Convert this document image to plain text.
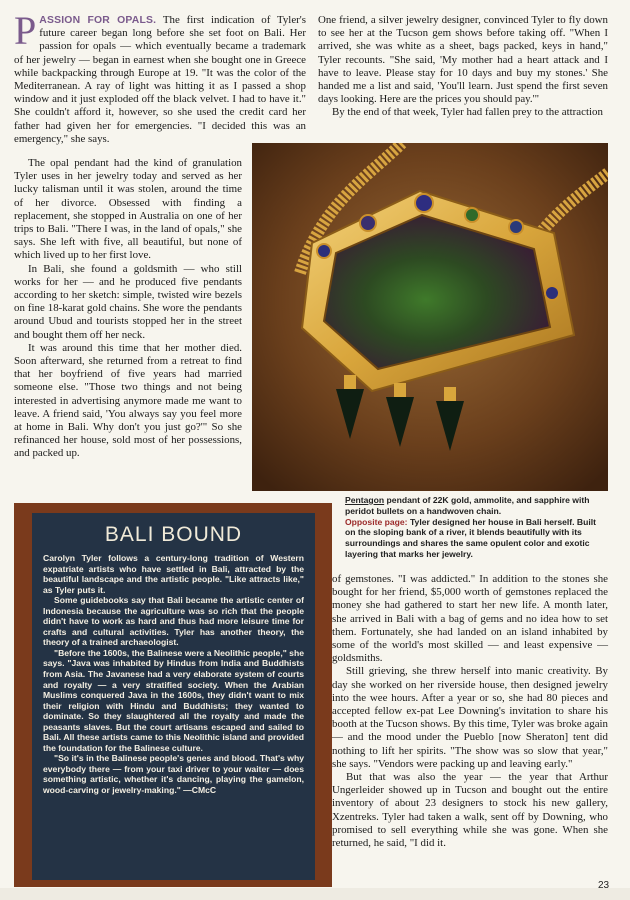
PASSION FOR OPALS. The first indication of Tyler's future career began long before she set foot on Bali. Her passion for opals — which eventually became a trademark of her jewelry — began in earnest when she bought one in Greece while backpacking through Europe at 19. "It was the color of the Mediterranean. A ray of light was hitting it as I passed a shop window and it just exploded off the black velvet. I had to have it." She couldn't afford it, however, so she used the credit card her father had given her for emergencies. "I decided this was an emergency," she says.

One friend, a silver jewelry designer, convinced Tyler to fly down to see her at the Tucson gem shows before taking off. "When I arrived, she was white as a sheet, bags packed, keys in hand," Tyler recounts. "She said, 'My mother had a heart attack and I have to leave. Please stay for 10 days and buy my stones.' She handed me a list and said, 'You'll learn. Just spend the first seven days looking. Here are the prices you should pay.'"

By the end of that week, Tyler had fallen prey to the attraction

The opal pendant had the kind of granulation Tyler uses in her jewelry today and served as her lucky talisman until it was stolen, around the time of her divorce. Obsessed with finding a replacement, she stopped in Australia on one of her trips to Bali. "There I was, in the land of opals," she says. She left with five, all beautiful, but none of which lived up to her first love.

In Bali, she found a goldsmith — who still works for her — and he produced five pendants according to her sketch: simple, twisted wire bezels on fine 18-karat gold chains. She wore the pendants around Ubud and tourists stopped her in the street and bought them off her neck.

It was around this time that her mother died. Soon afterward, she returned from a retreat to find that her boyfriend of five years had married someone else. "Those two things and not being interested in advertising anymore made me want to leave. A friend said, 'You always say you feel more at home in Bali. Why don't you just go?'" So she refinanced her house, sold most of her possessions, and packed up.

Pentagon pendant of 22K gold, ammolite, and sapphire with peridot bullets on a handwoven chain.
Opposite page: Tyler designed her house in Bali herself. Built on the sloping bank of a river, it blends beautifully with its surroundings and shares the same opulent color and exotic layering that marks her jewelry.
BALI BOUND

Carolyn Tyler follows a century-long tradition of Western expatriate artists who have settled in Bali, attracted by the beautiful landscape and the artistic people. "Like attracts like," as Tyler puts it.

Some guidebooks say that Bali became the artistic center of Indonesia because the agriculture was so rich that the people didn't have to work as hard and thus had more leisure time for crafts and cultural activities. Tyler has another theory, the theory of a trained archaeologist.

"Before the 1600s, the Balinese were a Neolithic people," she says. "Java was inhabited by Hindus from India and Buddhists from Asia. The Javanese had a very elaborate system of courts and royalty — a very stratified society. When the Arabian Muslims conquered Java in the 1600s, they didn't want to mix their religion with Hindu and Buddhists; they wanted to dominate. So they slaughtered all the royalty and made the peasants slaves. But the court artisans escaped and sailed to Bali. All these artists came to this Neolithic island and provided the foundation for the Balinese culture.

"So it's in the Balinese people's genes and blood. That's why everybody there — from your taxi driver to your waiter — does something artistic, whether it's dancing, playing the gamelon, wood-carving or jewelry-making." —CMcC

of gemstones. "I was addicted." In addition to the stones she bought for her friend, $5,000 worth of gemstones replaced the money she had gathered to start her new life. A month later, she arrived in Bali with a bag of gems and no idea how to set them. Fortunately, she had landed on an island inhabited by some of the world's most skilled — and least expensive — goldsmiths.

Still grieving, she threw herself into manic creativity. By day she worked on her riverside house, then designed jewelry into the wee hours. After a year or so, she had 80 pieces and accepted fellow ex-pat Lee Downing's invitation to share his booth at the Tucson shows. By this time, Tyler was broke again — and the mood under the Pueblo [now Sheraton] tent did nothing to lift her spirits. "The show was so slow that year," she says. "Vendors were packing up and leaving early."

But that was also the year — the year that Arthur Ungerleider showed up in Tucson and bought out the entire inventory of about 23 designers to stock his new gallery, Xzentreks. Tyler had taken a walk, sent off by Downing, who promised to sell everything while she was gone. When she returned, he said, "I did it.

23
